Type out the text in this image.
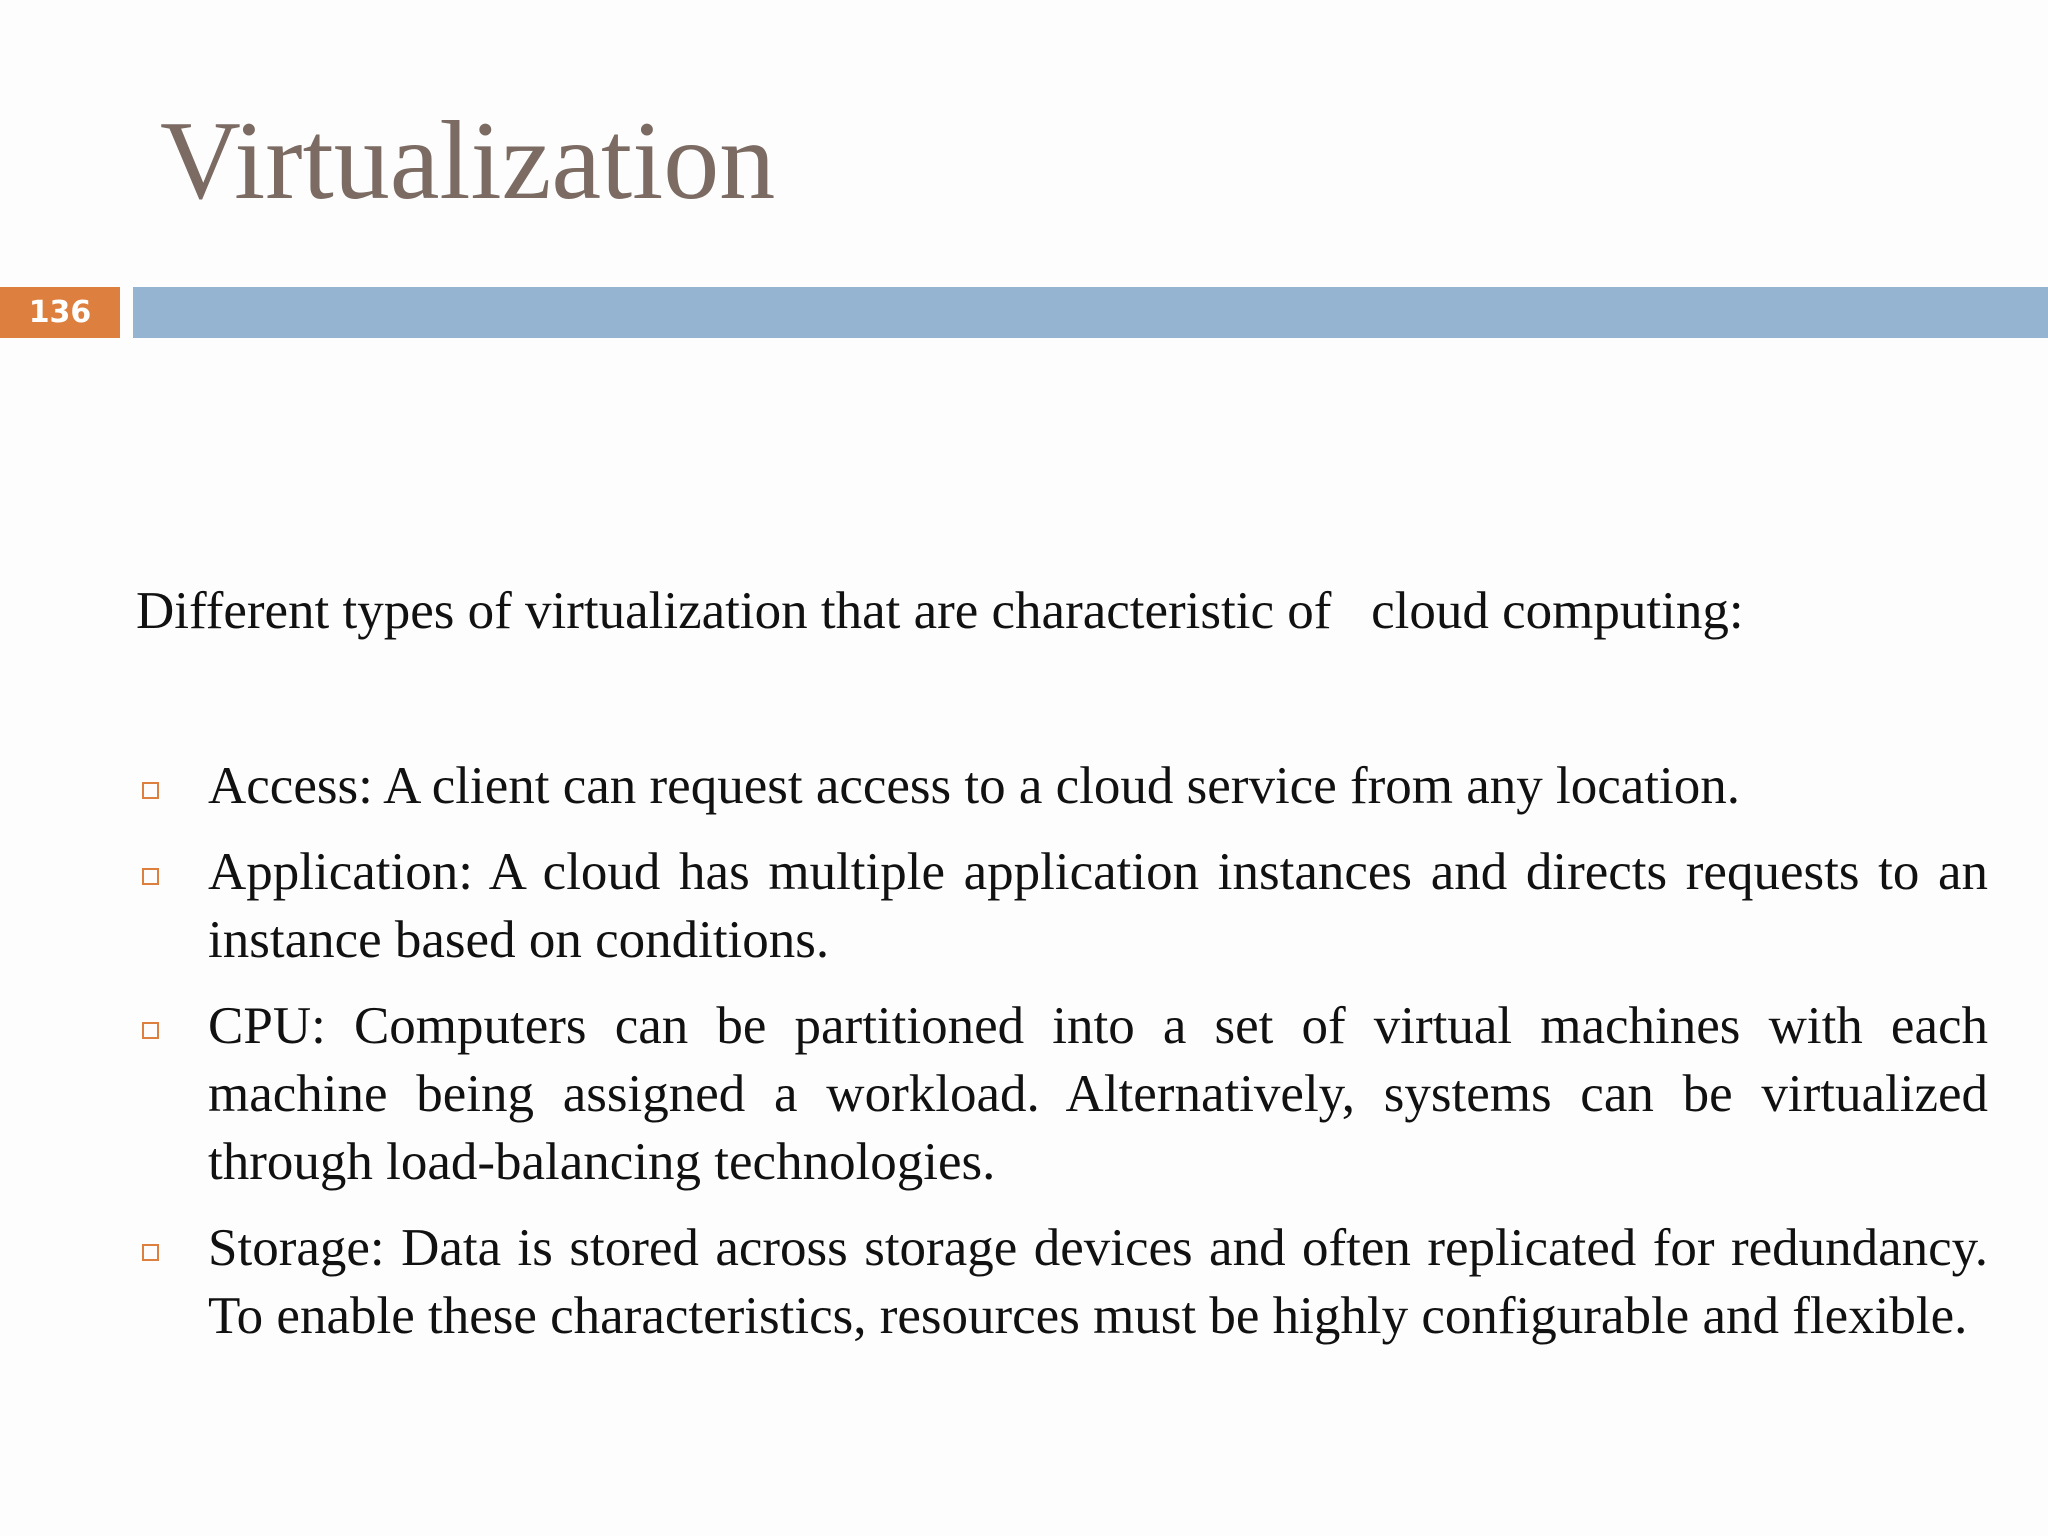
Virtualization
136
Different types of virtualization that are characteristic of   cloud computing:
Access: A client can request access to a cloud service from any location.
Application: A cloud has multiple application instances and directs requests to an instance based on conditions.
CPU: Computers can be partitioned into a set of virtual machines with each machine being assigned a workload. Alternatively, systems can be virtualized through load-balancing technologies.
Storage: Data is stored across storage devices and often replicated for redundancy. To enable these characteristics, resources must be highly configurable and flexible.
